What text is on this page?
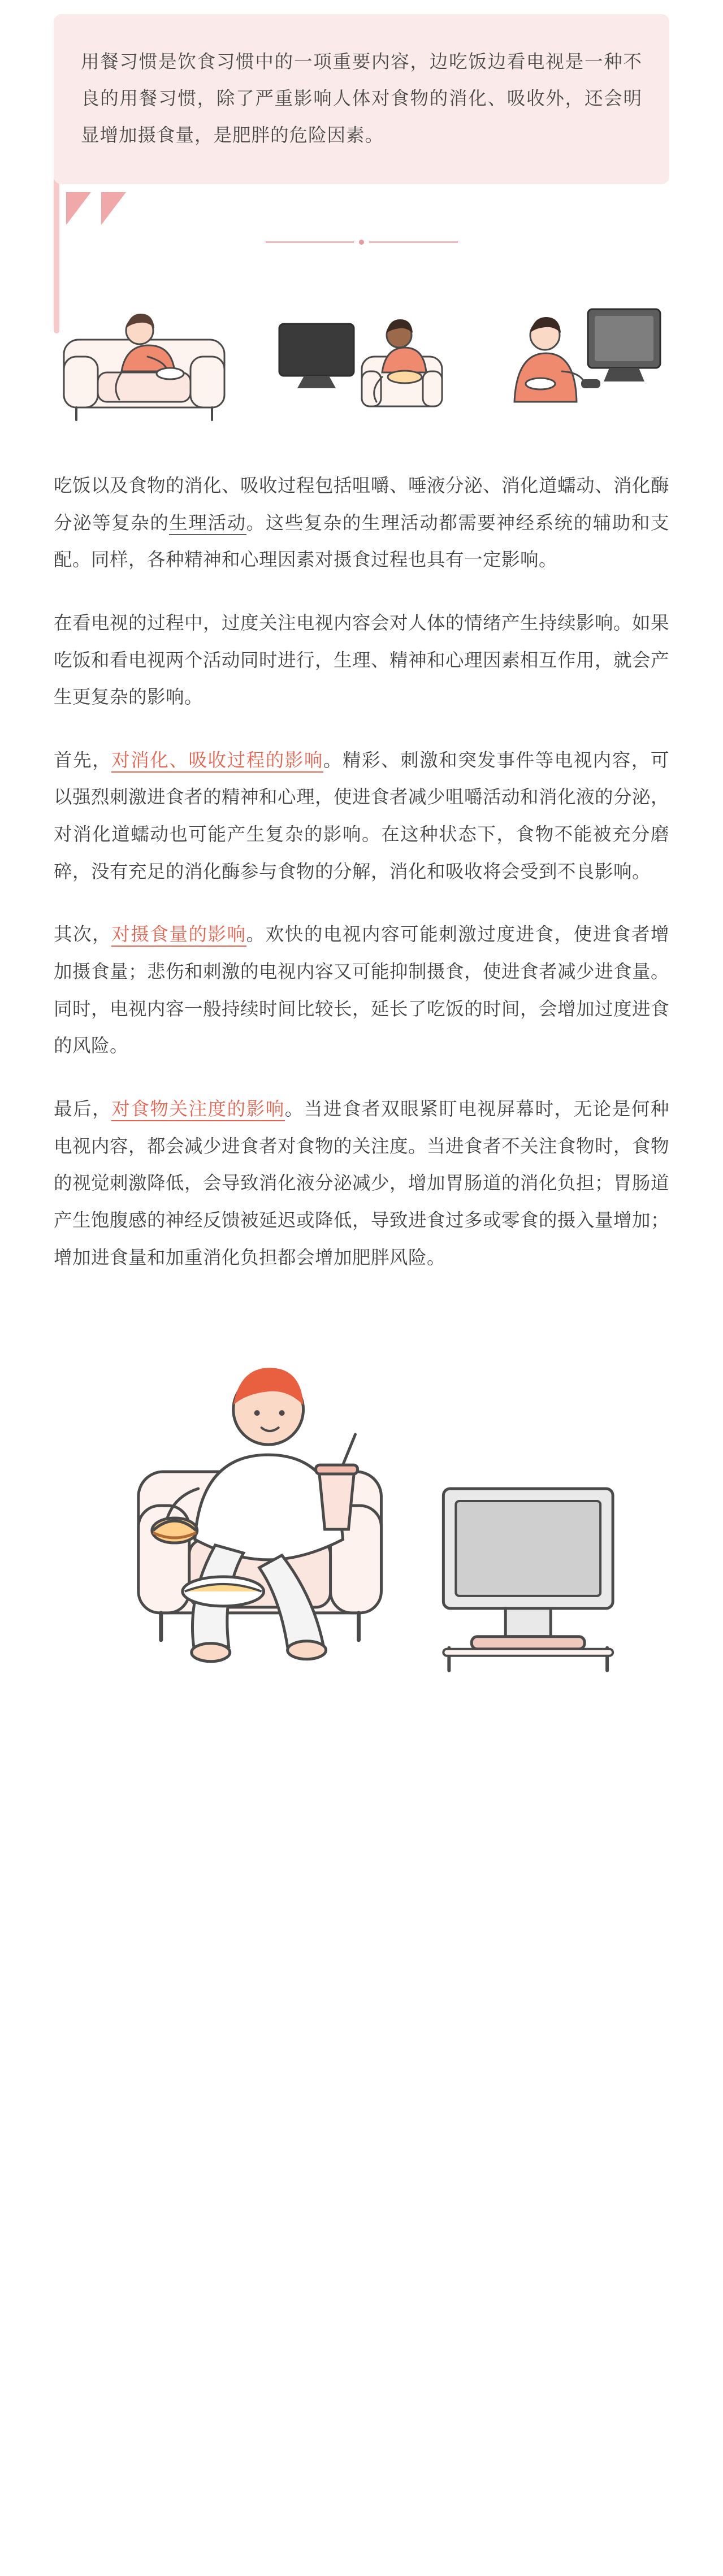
用餐习惯是饮食习惯中的一项重要内容，边吃饭边看电视是一种不良的用餐习惯，除了严重影响人体对食物的消化、吸收外，还会明显增加摄食量，是肥胖的危险因素。

吃饭以及食物的消化、吸收过程包括咀嚼、唾液分泌、消化道蠕动、消化酶分泌等复杂的生理活动。这些复杂的生理活动都需要神经系统的辅助和支配。同样，各种精神和心理因素对摄食过程也具有一定影响。

在看电视的过程中，过度关注电视内容会对人体的情绪产生持续影响。如果吃饭和看电视两个活动同时进行，生理、精神和心理因素相互作用，就会产生更复杂的影响。

首先，对消化、吸收过程的影响。精彩、刺激和突发事件等电视内容，可以强烈刺激进食者的精神和心理，使进食者减少咀嚼活动和消化液的分泌，对消化道蠕动也可能产生复杂的影响。在这种状态下，食物不能被充分磨碎，没有充足的消化酶参与食物的分解，消化和吸收将会受到不良影响。

其次，对摄食量的影响。欢快的电视内容可能刺激过度进食，使进食者增加摄食量；悲伤和刺激的电视内容又可能抑制摄食，使进食者减少进食量。同时，电视内容一般持续时间比较长，延长了吃饭的时间，会增加过度进食的风险。

最后，对食物关注度的影响。当进食者双眼紧盯电视屏幕时，无论是何种电视内容，都会减少进食者对食物的关注度。当进食者不关注食物时，食物的视觉刺激降低，会导致消化液分泌减少，增加胃肠道的消化负担；胃肠道产生饱腹感的神经反馈被延迟或降低，导致进食过多或零食的摄入量增加；增加进食量和加重消化负担都会增加肥胖风险。
